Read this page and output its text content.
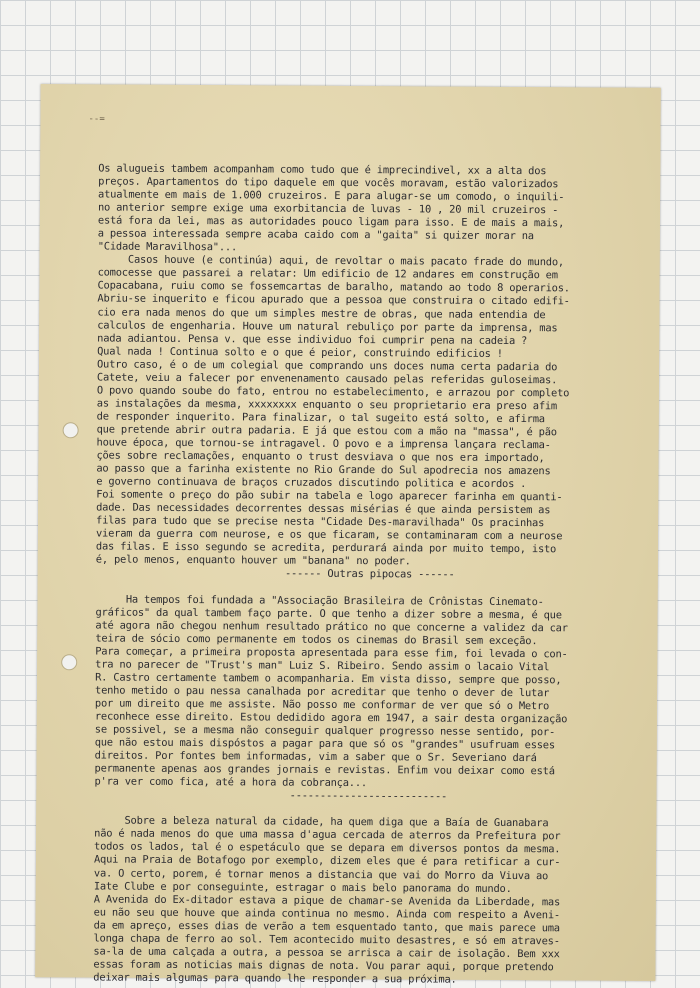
--=
Os alugueis tambem acompanham como tudo que é imprecindivel, xx a alta dos
preços. Apartamentos do tipo daquele em que vocês moravam, estão valorizados
atualmente em mais de 1.000 cruzeiros. E para alugar-se um comodo, o inquili-
no anterior sempre exige uma exorbitancia de luvas - 10 , 20 mil cruzeiros -
está fora da lei, mas as autoridades pouco ligam para isso. E de mais a mais,
a pessoa interessada sempre acaba caido com a "gaita" si quizer morar na
"Cidade Maravilhosa"...
Casos houve (e continúa) aqui, de revoltar o mais pacato frade do mundo,
comocesse que passarei a relatar: Um edificio de 12 andares em construção em
Copacabana, ruiu como se fossemcartas de baralho, matando ao todo 8 operarios.
Abriu-se inquerito e ficou apurado que a pessoa que construira o citado edifi-
cio era nada menos do que um simples mestre de obras, que nada entendia de
calculos de engenharia. Houve um natural rebuliço por parte da imprensa, mas
nada adiantou. Pensa v. que esse individuo foi cumprir pena na cadeia ?
Qual nada ! Continua solto e o que é peior, construindo edificios !
Outro caso, é o de um colegial que comprando uns doces numa certa padaria do
Catete, veiu a falecer por envenenamento causado pelas referidas guloseimas.
O povo quando soube do fato, entrou no estabelecimento, e arrazou por completo
as instalações da mesma, xxxxxxxx enquanto o seu proprietario era preso afim
de responder inquerito. Para finalizar, o tal sugeito está solto, e afirma
que pretende abrir outra padaria. E já que estou com a mão na "massa", é pão
houve época, que tornou-se intragavel. O povo e a imprensa lançara reclama-
ções sobre reclamações, enquanto o trust desviava o que nos era importado,
ao passo que a farinha existente no Rio Grande do Sul apodrecia nos amazens
e governo continuava de braços cruzados discutindo politica e acordos .
Foi somente o preço do pão subir na tabela e logo aparecer farinha em quanti-
dade. Das necessidades decorrentes dessas misérias é que ainda persistem as
filas para tudo que se precise nesta "Cidade Des-maravilhada" Os pracinhas
vieram da guerra com neurose, e os que ficaram, se contaminaram com a neurose
das filas. E isso segundo se acredita, perdurará ainda por muito tempo, isto
é, pelo menos, enquanto houver um "banana" no poder.
------ Outras pipocas ------
Ha tempos foi fundada a "Associação Brasileira de Crônistas Cinemato-
gráficos" da qual tambem faço parte. O que tenho a dizer sobre a mesma, é que
até agora não chegou nenhum resultado prático no que concerne a validez da car
teira de sócio como permanente em todos os cinemas do Brasil sem exceção.
Para começar, a primeira proposta apresentada para esse fim, foi levada o con-
tra no parecer de "Trust's man" Luiz S. Ribeiro. Sendo assim o lacaio Vital
R. Castro certamente tambem o acompanharia. Em vista disso, sempre que posso,
tenho metido o pau nessa canalhada por acreditar que tenho o dever de lutar
por um direito que me assiste. Não posso me conformar de ver que só o Metro
reconhece esse direito. Estou dedidido agora em 1947, a sair desta organização
se possivel, se a mesma não conseguir qualquer progresso nesse sentido, por-
que não estou mais dispóstos a pagar para que só os "grandes" usufruam esses
direitos. Por fontes bem informadas, vim a saber que o Sr. Severiano dará
permanente apenas aos grandes jornais e revistas. Enfim vou deixar como está
p'ra ver como fica, até a hora da cobrança...
--------------------------
Sobre a beleza natural da cidade, ha quem diga que a Baía de Guanabara
não é nada menos do que uma massa d'agua cercada de aterros da Prefeitura por
todos os lados, tal é o espetáculo que se depara em diversos pontos da mesma.
Aqui na Praia de Botafogo por exemplo, dizem eles que é para retificar a cur-
va. O certo, porem, é tornar menos a distancia que vai do Morro da Viuva ao
Iate Clube e por conseguinte, estragar o mais belo panorama do mundo.
A Avenida do Ex-ditador estava a pique de chamar-se Avenida da Liberdade, mas
eu não seu que houve que ainda continua no mesmo. Ainda com respeito a Aveni-
da em apreço, esses dias de verão a tem esquentado tanto, que mais parece uma
longa chapa de ferro ao sol. Tem acontecido muito desastres, e só em atraves-
sa-la de uma calçada a outra, a pessoa se arrisca a cair de isolação. Bem xxx
essas foram as noticias mais dignas de nota. Vou parar aqui, porque pretendo
deixar mais algumas para quando lhe responder a sua próxima.
